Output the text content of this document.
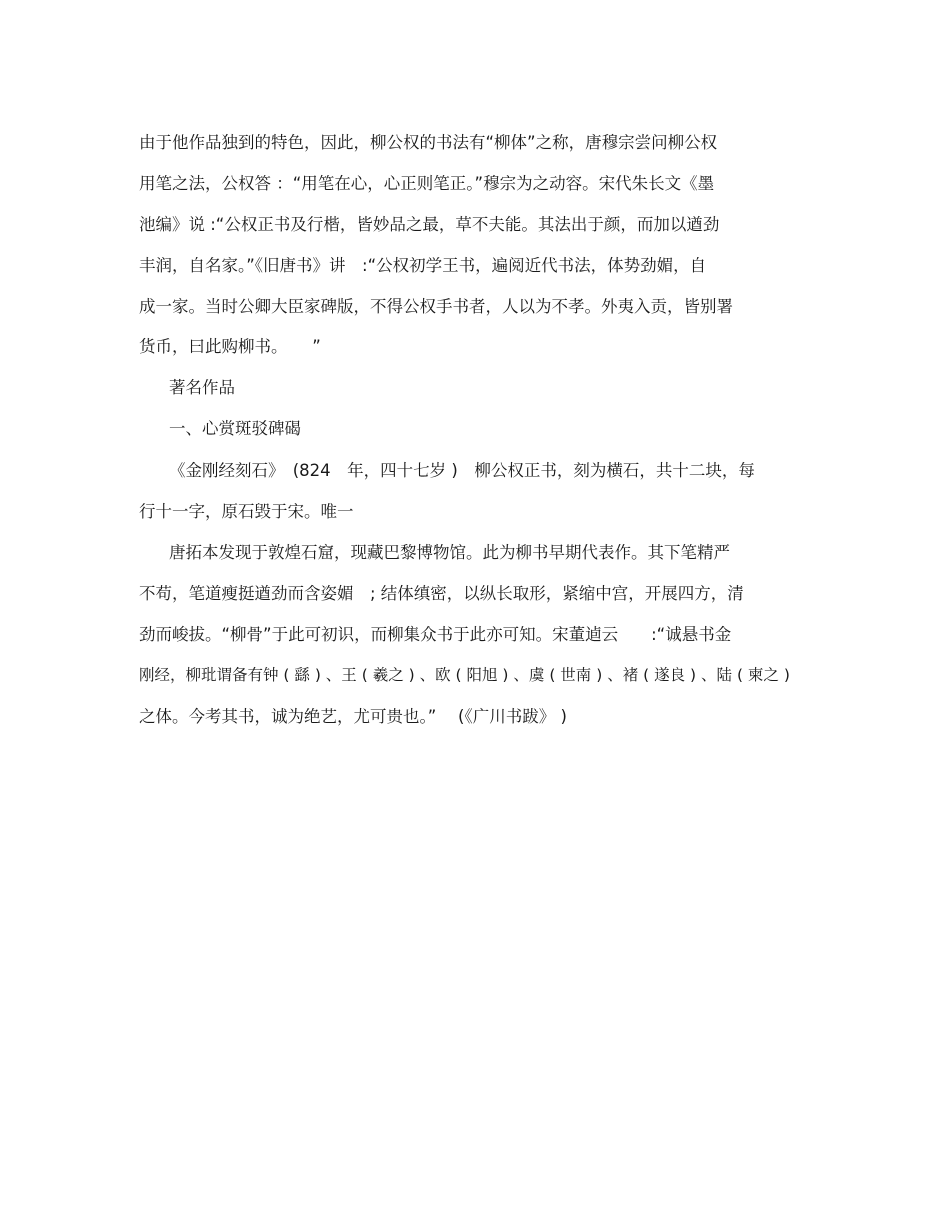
由于他作品独到的特色，因此，柳公权的书法有“柳体”之称，唐穆宗尝问柳公权
用笔之法，公权答 ：“用笔在心，心正则笔正。”穆宗为之动容。宋代朱长文《墨
池编》说 :“公权正书及行楷，皆妙品之最，草不夫能。其法出于颜，而加以遒劲
丰润，自名家。”《旧唐书》讲　:“公权初学王书，遍阅近代书法，体势劲媚，自
成一家。当时公卿大臣家碑版，不得公权手书者，人以为不孝。外夷入贡，皆别署
货币，曰此购柳书。　　”
著名作品
一、心赏斑驳碑碣
《金刚经刻石》　(824　年，四十七岁 )　柳公权正书，刻为横石，共十二块，每
行十一字，原石毁于宋。唯一
唐拓本发现于敦煌石窟，现藏巴黎博物馆。此为柳书早期代表作。其下笔精严
不苟，笔道瘦挺遒劲而含姿媚　; 结体缜密，以纵长取形，紧缩中宫，开展四方，清
劲而峻拔。“柳骨”于此可初识，而柳集众书于此亦可知。宋董逌云　　:“诚悬书金
刚经，柳玭谓备有钟 ( 繇 ) 、王 ( 羲之 ) 、欧 ( 阳旭 ) 、虞 ( 世南 ) 、褚 ( 遂良 ) 、陆 ( 柬之 )
之体。今考其书，诚为绝艺，尤可贵也。”　 (《广川书跋》 )
